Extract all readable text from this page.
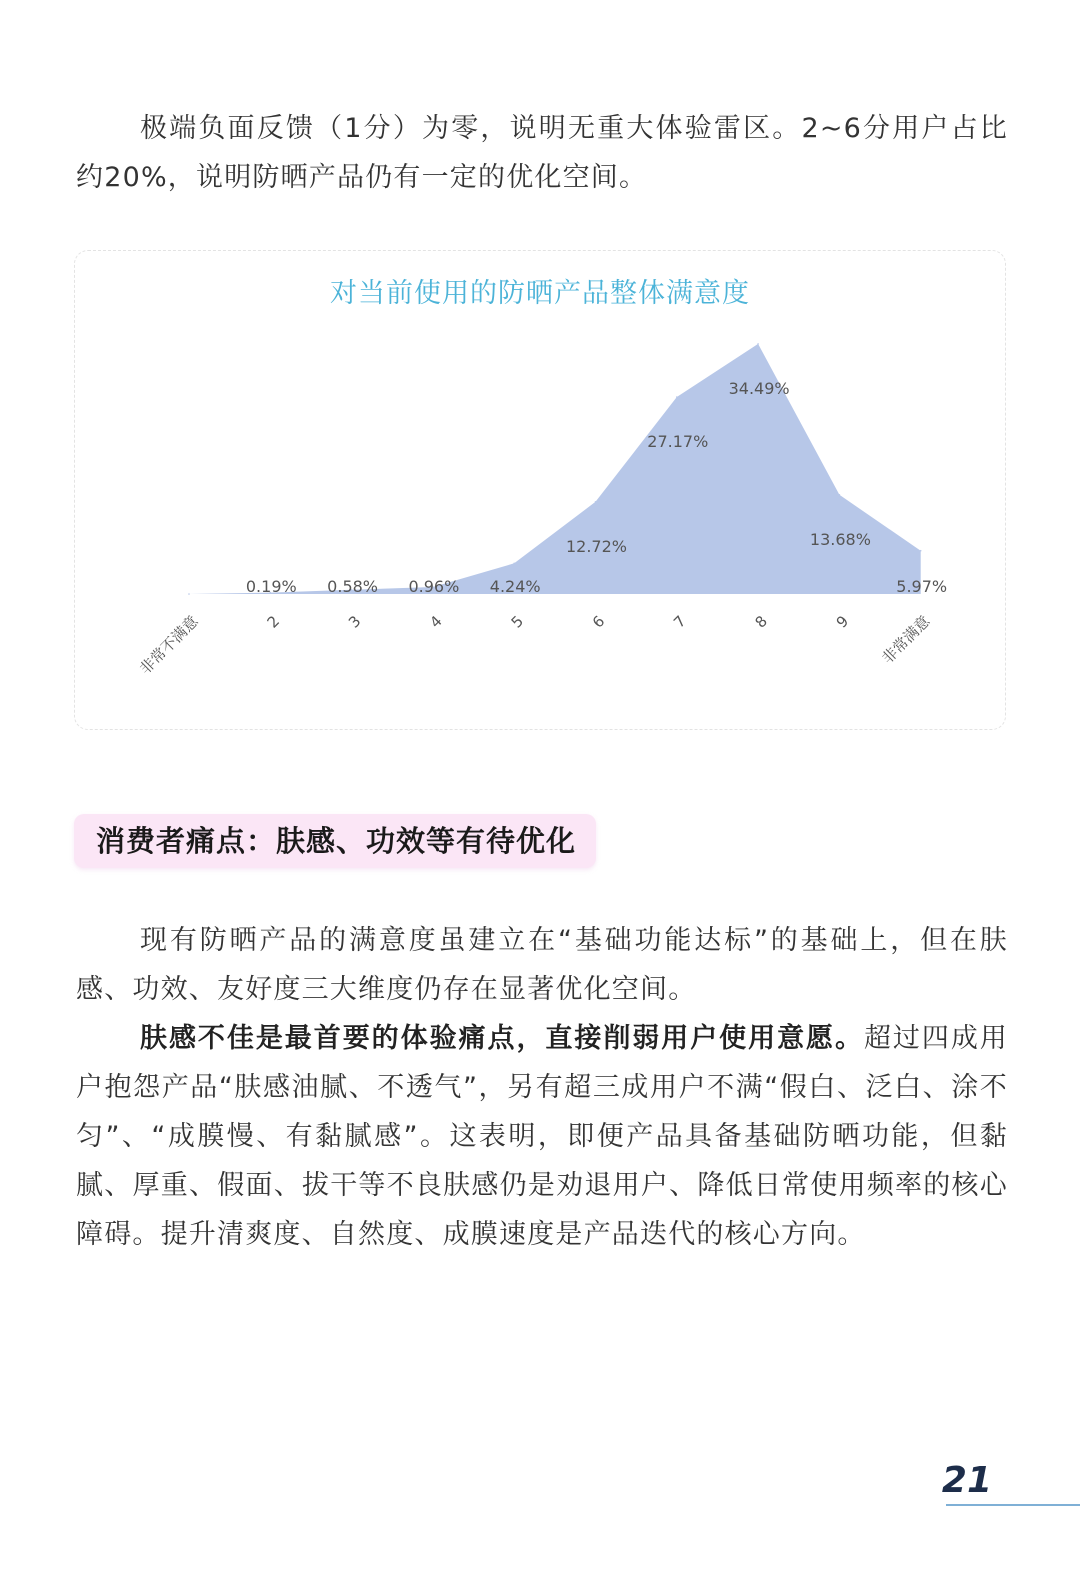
极端负面反馈（1分）为零，说明无重大体验雷区。2~6分用户占比约20%，说明防晒产品仍有一定的优化空间。

对当前使用的防晒产品整体满意度
0.19% 0.58% 0.96% 4.24%
12.72%
27.17%
34.49%
13.68%
5.97%
非常不满意	2	3	4	5	6	7	8	9 非常满意
消费者痛点：肤感、功效等有待优化

现有防晒产品的满意度虽建立在“基础功能达标”的基础上，但在肤感、功效、友好度三大维度仍存在显著优化空间。

肤感不佳是最首要的体验痛点，直接削弱用户使用意愿。超过四成用户抱怨产品“肤感油腻、不透气”，另有超三成用户不满“假白、泛白、涂不匀”、“成膜慢、有黏腻感”。这表明，即便产品具备基础防晒功能，但黏腻、厚重、假面、拔干等不良肤感仍是劝退用户、降低日常使用频率的核心障碍。提升清爽度、自然度、成膜速度是产品迭代的核心方向。

21
